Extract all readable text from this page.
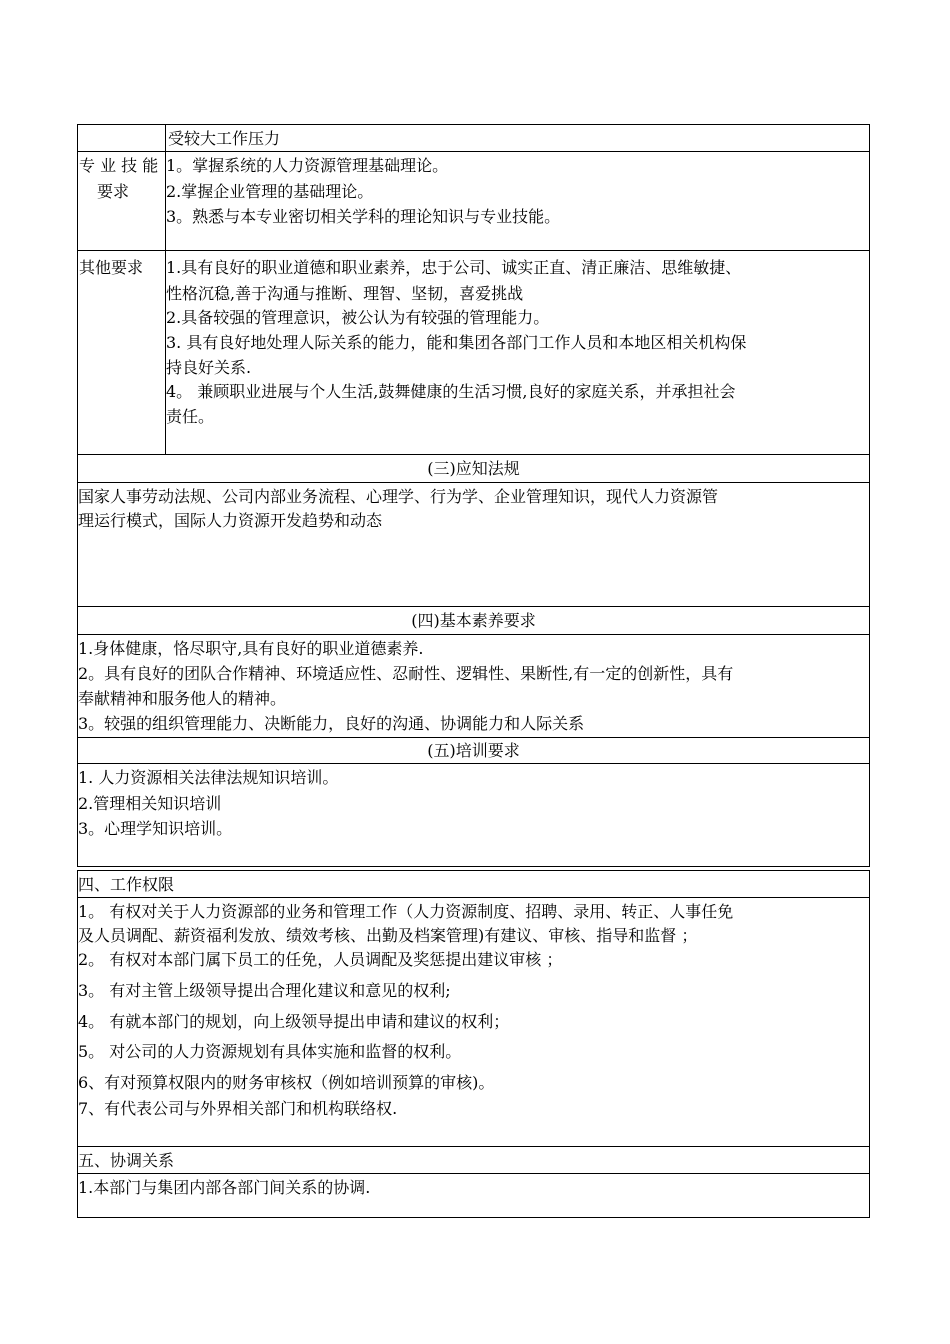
受较大工作压力
专 业 技 能
要求
1。掌握系统的人力资源管理基础理论。
2.掌握企业管理的基础理论。
3。熟悉与本专业密切相关学科的理论知识与专业技能。
其他要求 1.具有良好的职业道德和职业素养，忠于公司、诚实正直、清正廉洁、思维敏捷、
性格沉稳,善于沟通与推断、理智、坚韧，喜爱挑战
2.具备较强的管理意识，被公认为有较强的管理能力。
3. 具有良好地处理人际关系的能力，能和集团各部门工作人员和本地区相关机构保
持良好关系.
4。 兼顾职业进展与个人生活,鼓舞健康的生活习惯,良好的家庭关系，并承担社会
责任。
(三)应知法规
国家人事劳动法规、公司内部业务流程、心理学、行为学、企业管理知识，现代人力资源管
理运行模式，国际人力资源开发趋势和动态
(四)基本素养要求
1.身体健康，恪尽职守,具有良好的职业道德素养.
2。具有良好的团队合作精神、环境适应性、忍耐性、逻辑性、果断性,有一定的创新性，具有
奉献精神和服务他人的精神。
3。较强的组织管理能力、决断能力，良好的沟通、协调能力和人际关系
(五)培训要求
1. 人力资源相关法律法规知识培训。
2.管理相关知识培训
3。心理学知识培训。
四、工作权限
1。 有权对关于人力资源部的业务和管理工作（人力资源制度、招聘、录用、转正、人事任免
及人员调配、薪资福利发放、绩效考核、出勤及档案管理)有建议、审核、指导和监督 ；
2。 有权对本部门属下员工的任免，人员调配及奖惩提出建议审核 ；
3。 有对主管上级领导提出合理化建议和意见的权利;
4。 有就本部门的规划，向上级领导提出申请和建议的权利；
5。 对公司的人力资源规划有具体实施和监督的权利。
6、有对预算权限内的财务审核权（例如培训预算的审核)。
7、有代表公司与外界相关部门和机构联络权.
五、协调关系
1.本部门与集团内部各部门间关系的协调.
